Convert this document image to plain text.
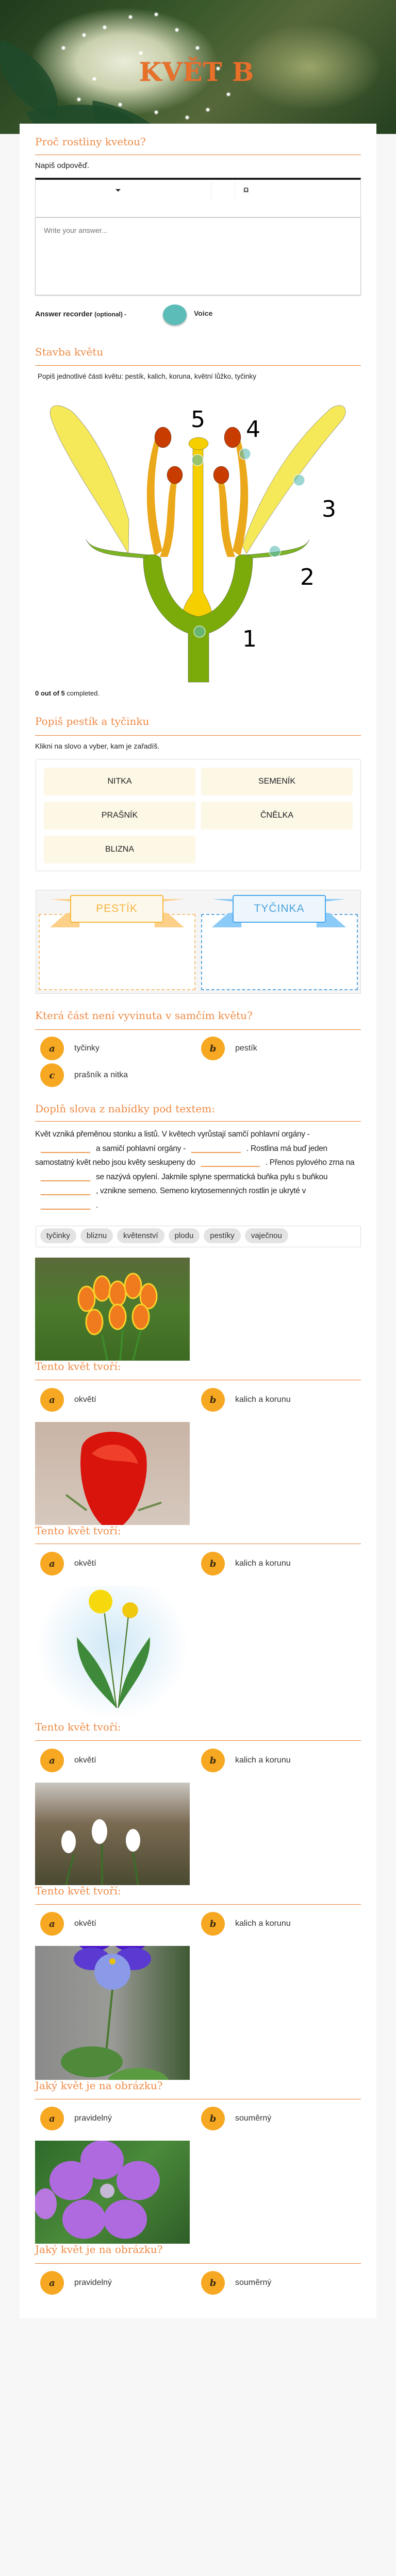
KVĚT B
Proč rostliny kvetou?
Napiš odpověď.
Ω
Write your answer...
Answer recorder (optional) -	Voice
Stavba květu
Popiš jednotlivé části květu: pestík, kalich, koruna, květní lůžko, tyčinky
1
2
3
4
5
0 out of 5 completed.
Popiš pestík a tyčinku
Klikni na slovo a vyber, kam je zařadíš.
NITKA	SEMENÍK
PRAŠNÍK	ČNĚLKA
BLIZNA
PESTÍK	TYČINKA
Která část není vyvinuta v samčím květu?
a	tyčinky	b	pestík
c	prašník a nitka
Doplň slova z nabídky pod textem:
Květ vzniká přeměnou stonku a listů. V květech vyrůstají samčí pohlavní orgány -a samičí pohlavní orgány -	. Rostlina má buď jeden samostatný květ nebo jsou květy seskupeny do	. Přenos pylového zrna nase nazývá opylení. Jakmile splyne spermatická buňka pylu s buňkou, vznikne semeno. Semeno krytosemenných rostlin je ukryté v.
tyčinky bliznu květenství plodu pestíky vaječnou
Tento květ tvoří:
a	okvětí	b	kalich a korunu
Tento květ tvoří:
a	okvětí	b	kalich a korunu
Tento květ tvoří:
a	okvětí	b	kalich a korunu
Tento květ tvoří:
a	okvětí	b	kalich a korunu
Jaký květ je na obrázku?
a	pravidelný	b	souměrný
Jaký květ je na obrázku?
a	pravidelný	b	souměrný
